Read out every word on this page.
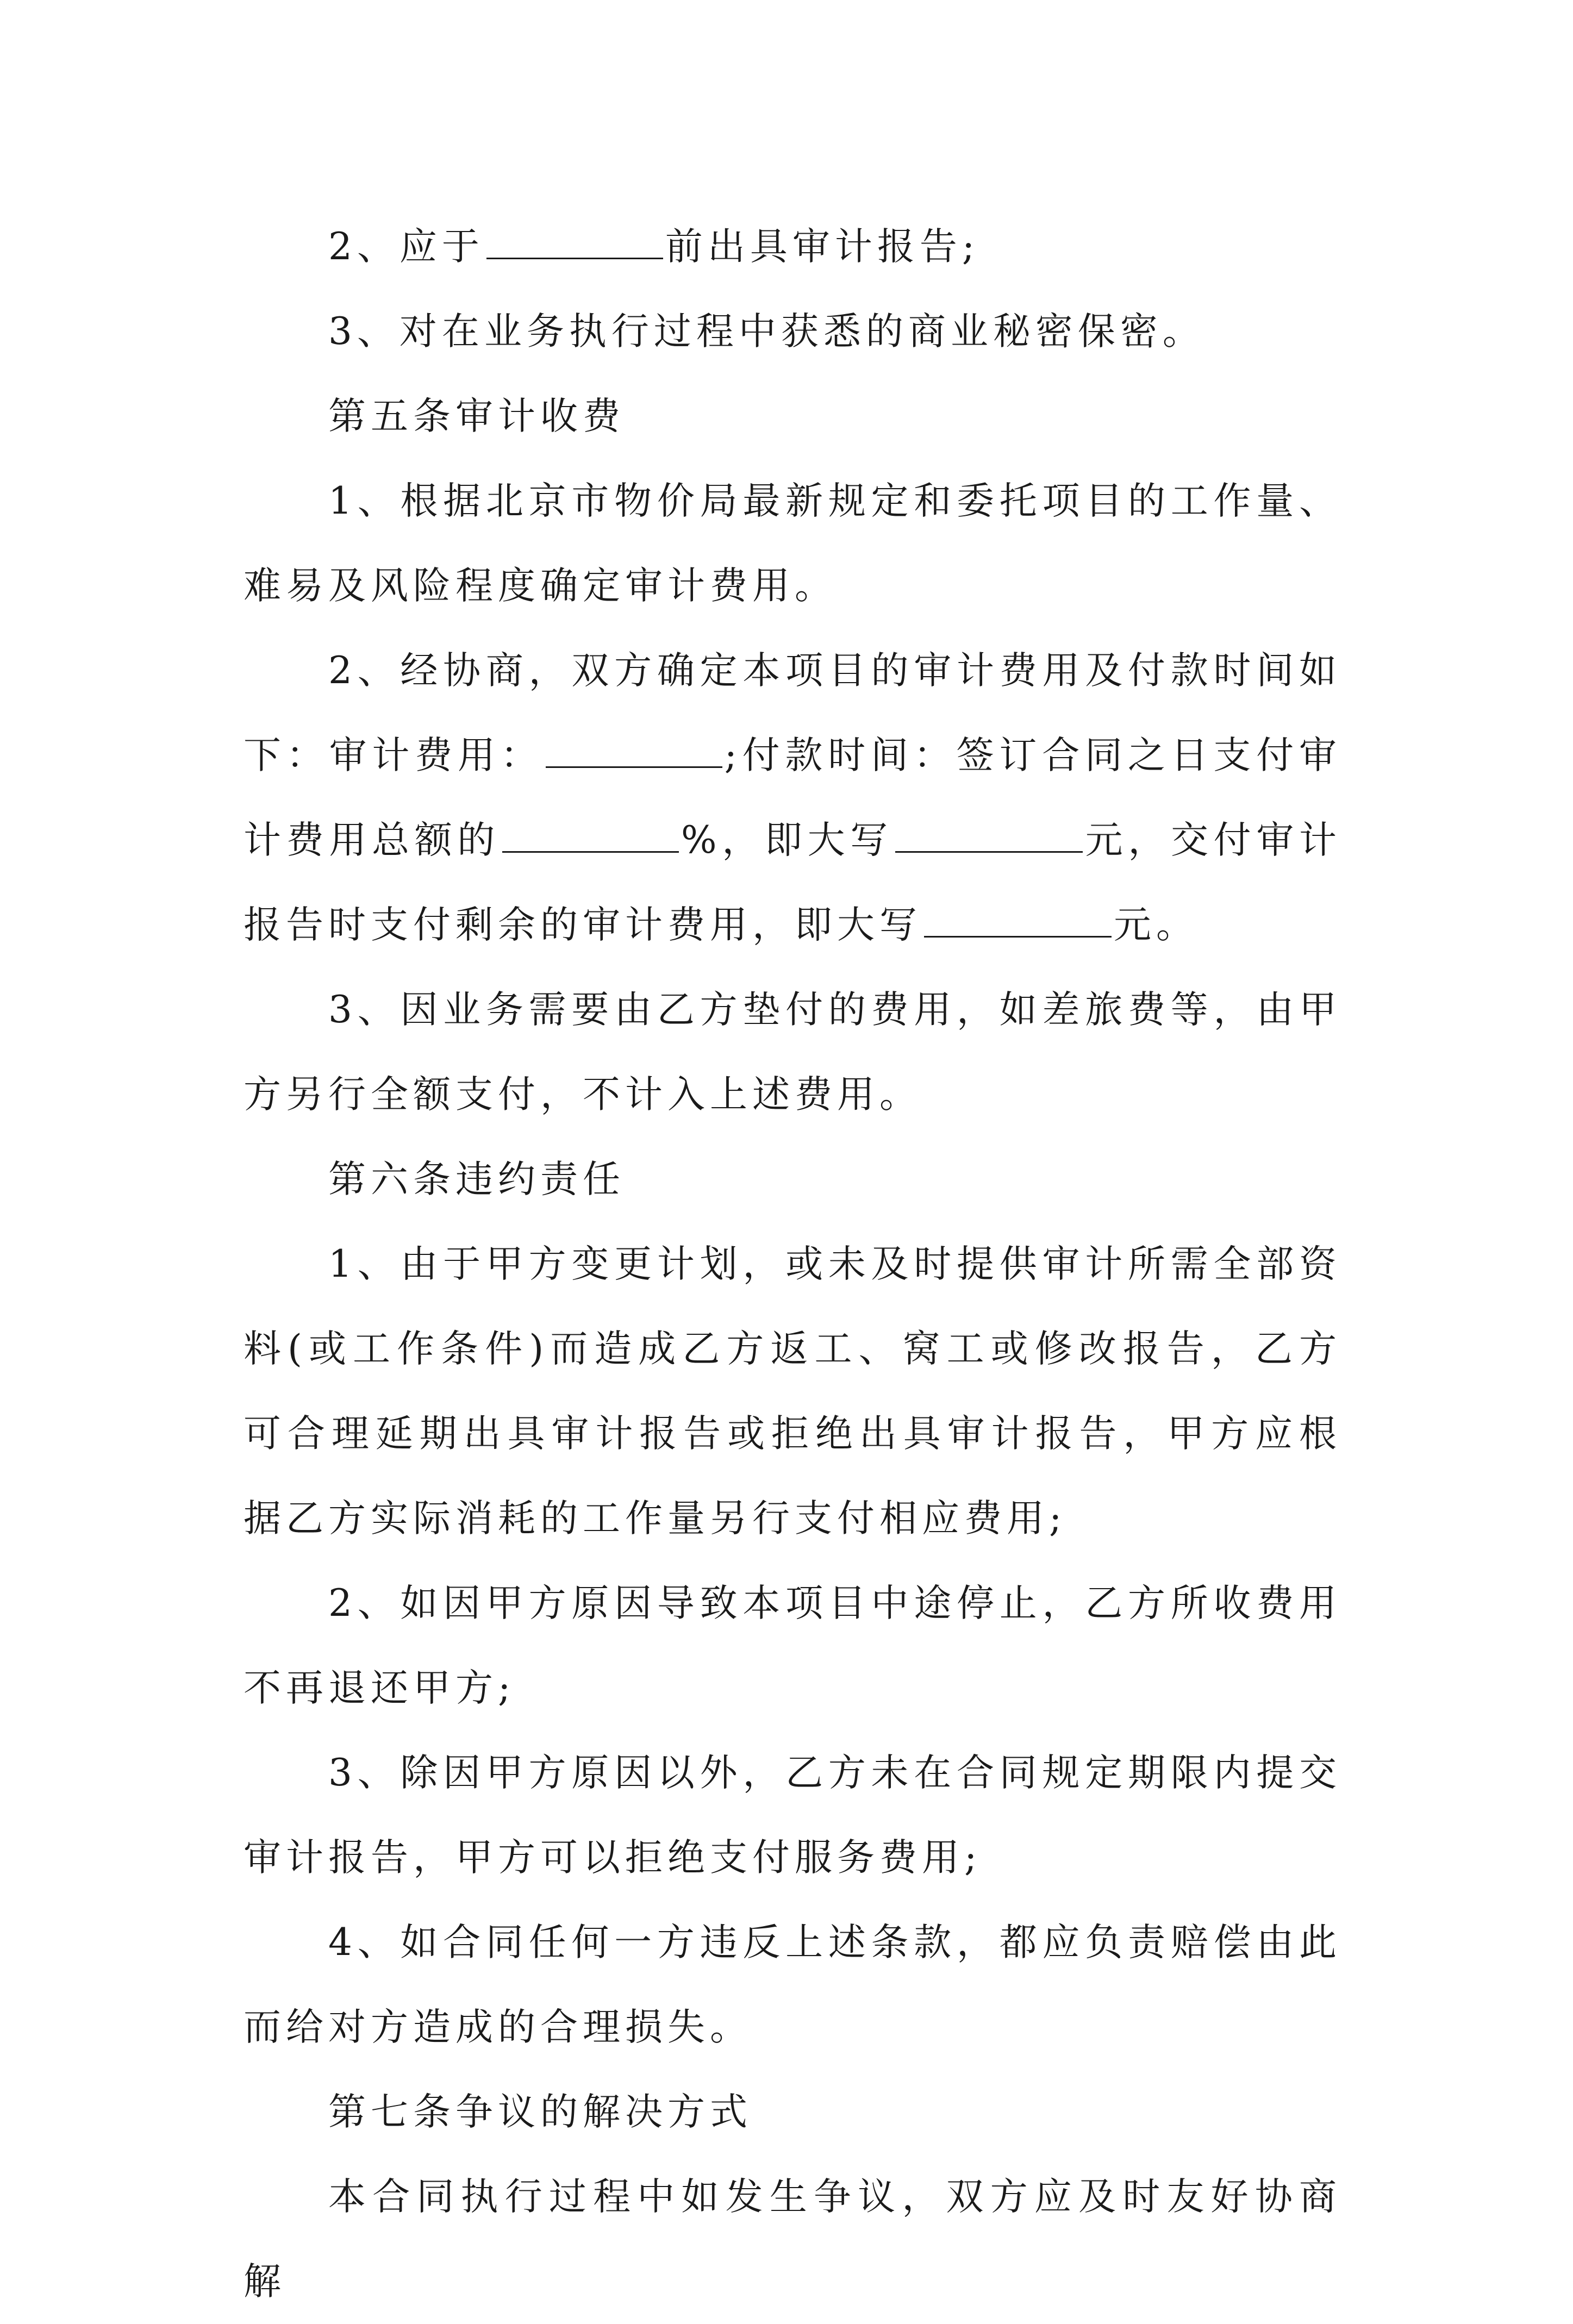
2、应于	前出具审计报告;

3、对在业务执行过程中获悉的商业秘密保密。

第五条审计收费

1、根据北京市物价局最新规定和委托项目的工作量、难易及风险程度确定审计费用。

2、经协商，双方确定本项目的审计费用及付款时间如下：审计费用：	;付款时间：签订合同之日支付审计费用总额的	%，即大写	元，交付审计报告时支付剩余的审计费用，即大写	元。

3、因业务需要由乙方垫付的费用，如差旅费等，由甲方另行全额支付，不计入上述费用。

第六条违约责任

1、由于甲方变更计划，或未及时提供审计所需全部资料(或工作条件)而造成乙方返工、窝工或修改报告，乙方可合理延期出具审计报告或拒绝出具审计报告，甲方应根据乙方实际消耗的工作量另行支付相应费用;

2、如因甲方原因导致本项目中途停止，乙方所收费用不再退还甲方;

3、除因甲方原因以外，乙方未在合同规定期限内提交审计报告，甲方可以拒绝支付服务费用;

4、如合同任何一方违反上述条款，都应负责赔偿由此而给对方造成的合理损失。

第七条争议的解决方式

本合同执行过程中如发生争议，双方应及时友好协商解
